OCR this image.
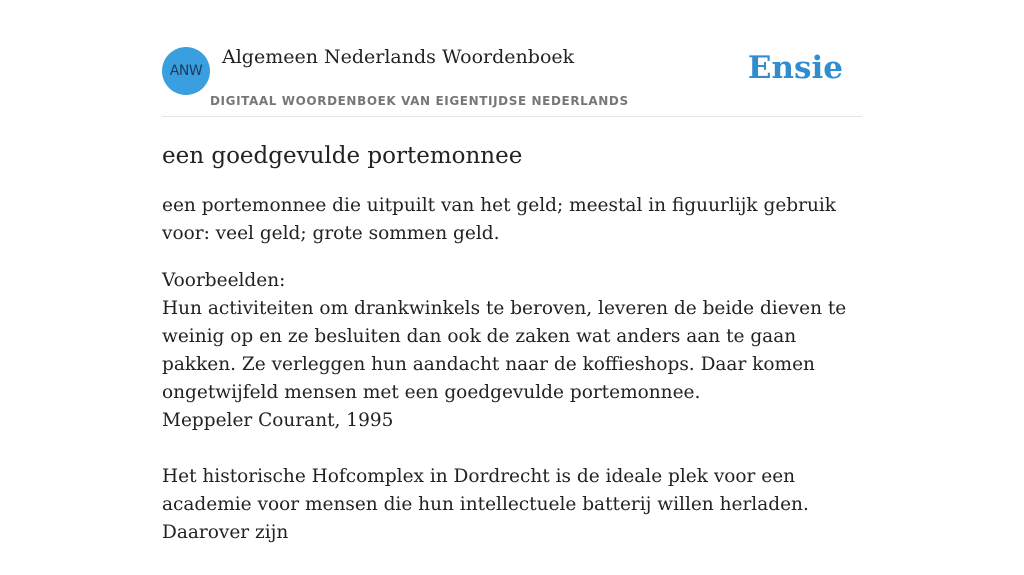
ANW
Algemeen Nederlands Woordenboek
DIGITAAL WOORDENBOEK VAN EIGENTIJDSE NEDERLANDS
Ensie
een goedgevulde portemonnee

een portemonnee die uitpuilt van het geld; meestal in figuurlijk gebruik voor: veel geld; grote sommen geld.

Voorbeelden:
Hun activiteiten om drankwinkels te beroven, leveren de beide dieven te weinig op en ze besluiten dan ook de zaken wat anders aan te gaan pakken. Ze verleggen hun aandacht naar de koffieshops. Daar komen ongetwijfeld mensen met een goedgevulde portemonnee.
Meppeler Courant, 1995
Het historische Hofcomplex in Dordrecht is de ideale plek voor een academie voor mensen die hun intellectuele batterij willen herladen. Daarover zijn
